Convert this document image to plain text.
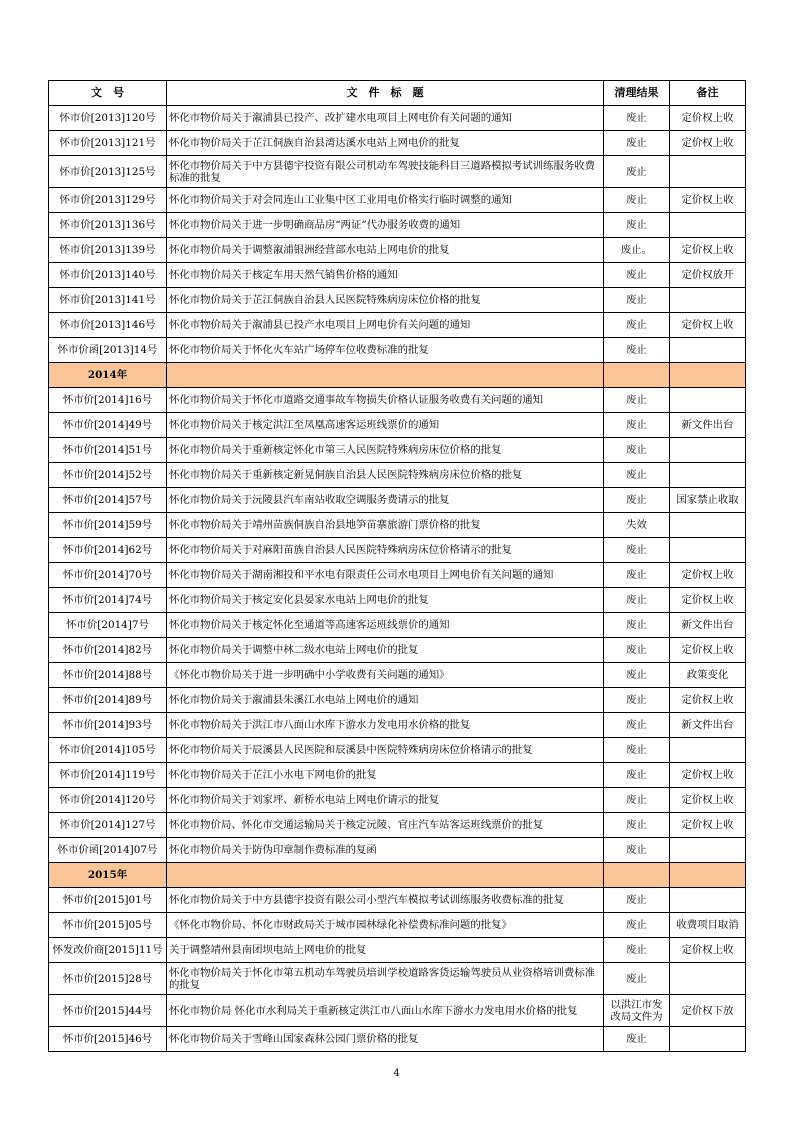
文　号	文　件　标　题	清理结果	备注
怀市价[2013]120号	怀化市物价局关于溆浦县已投产、改扩建水电项目上网电价有关问题的通知	废止	定价权上收
怀市价[2013]121号	怀化市物价局关于芷江侗族自治县湾达溪水电站上网电价的批复	废止	定价权上收
怀市价[2013]125号	怀化市物价局关于中方县德宇投资有限公司机动车驾驶技能科目三道路模拟考试训练服务收费标准的批复	废止	
怀市价[2013]129号	怀化市物价局关于对会同连山工业集中区工业用电价格实行临时调整的通知	废止	定价权上收
怀市价[2013]136号	怀化市物价局关于进一步明确商品房“两证”代办服务收费的通知	废止	
怀市价[2013]139号	怀化市物价局关于调整溆浦银洲经营部水电站上网电价的批复	废止。	定价权上收
怀市价[2013]140号	怀化市物价局关于核定车用天然气销售价格的通知	废止	定价权放开
怀市价[2013]141号	怀化市物价局关于芷江侗族自治县人民医院特殊病房床位价格的批复	废止	
怀市价[2013]146号	怀化市物价局关于溆浦县已投产水电项目上网电价有关问题的通知	废止	定价权上收
怀市价函[2013]14号	怀化市物价局关于怀化火车站广场停车位收费标准的批复	废止	
2014年			
怀市价[2014]16号	怀化市物价局关于怀化市道路交通事故车物损失价格认证服务收费有关问题的通知	废止	
怀市价[2014]49号	怀化市物价局关于核定洪江至凤凰高速客运班线票价的通知	废止	新文件出台
怀市价[2014]51号	怀化市物价局关于重新核定怀化市第三人民医院特殊病房床位价格的批复	废止	
怀市价[2014]52号	怀化市物价局关于重新核定新晃侗族自治县人民医院特殊病房床位价格的批复	废止	
怀市价[2014]57号	怀化市物价局关于沅陵县汽车南站收取空调服务费请示的批复	废止	国家禁止收取
怀市价[2014]59号	怀化市物价局关于靖州苗族侗族自治县地笋苗寨旅游门票价格的批复	失效	
怀市价[2014]62号	怀化市物价局关于对麻阳苗族自治县人民医院特殊病房床位价格请示的批复	废止	
怀市价[2014]70号	怀化市物价局关于湖南湘投和平水电有限责任公司水电项目上网电价有关问题的通知	废止	定价权上收
怀市价[2014]74号	怀化市物价局关于核定安化县晏家水电站上网电价的批复	废止	定价权上收
怀市价[2014]7号	怀化市物价局关于核定怀化至通道等高速客运班线票价的通知	废止	新文件出台
怀市价[2014]82号	怀化市物价局关于调整中林二级水电站上网电价的批复	废止	定价权上收
怀市价[2014]88号	《怀化市物价局关于进一步明确中小学收费有关问题的通知》	废止	政策变化
怀市价[2014]89号	怀化市物价局关于溆浦县朱溪江水电站上网电价的通知	废止	定价权上收
怀市价[2014]93号	怀化市物价局关于洪江市八面山水库下游水力发电用水价格的批复	废止	新文件出台
怀市价[2014]105号	怀化市物价局关于辰溪县人民医院和辰溪县中医院特殊病房床位价格请示的批复	废止	
怀市价[2014]119号	怀化市物价局关于芷江小水电下网电价的批复	废止	定价权上收
怀市价[2014]120号	怀化市物价局关于刘家坪、新桥水电站上网电价请示的批复	废止	定价权上收
怀市价[2014]127号	怀化市物价局、怀化市交通运输局关于核定沅陵、官庄汽车站客运班线票价的批复	废止	定价权上收
怀市价函[2014]07号	怀化市物价局关于防伪印章制作费标准的复函	废止	
2015年			
怀市价[2015]01号	怀化市物价局关于中方县德宇投资有限公司小型汽车模拟考试训练服务收费标准的批复	废止	
怀市价[2015]05号	《怀化市物价局、怀化市财政局关于城市园林绿化补偿费标准问题的批复》	废止	收费项目取消
怀发改价商[2015]11号	关于调整靖州县南团坝电站上网电价的批复	废止	定价权上收
怀市价[2015]28号	怀化市物价局关于怀化市第五机动车驾驶员培训学校道路客货运输驾驶员从业资格培训费标准的批复	废止	
怀市价[2015]44号	怀化市物价局 怀化市水利局关于重新核定洪江市八面山水库下游水力发电用水价格的批复	以洪江市发改局文件为	定价权下放
怀市价[2015]46号	怀化市物价局关于雪峰山国家森林公园门票价格的批复	废止	
4
